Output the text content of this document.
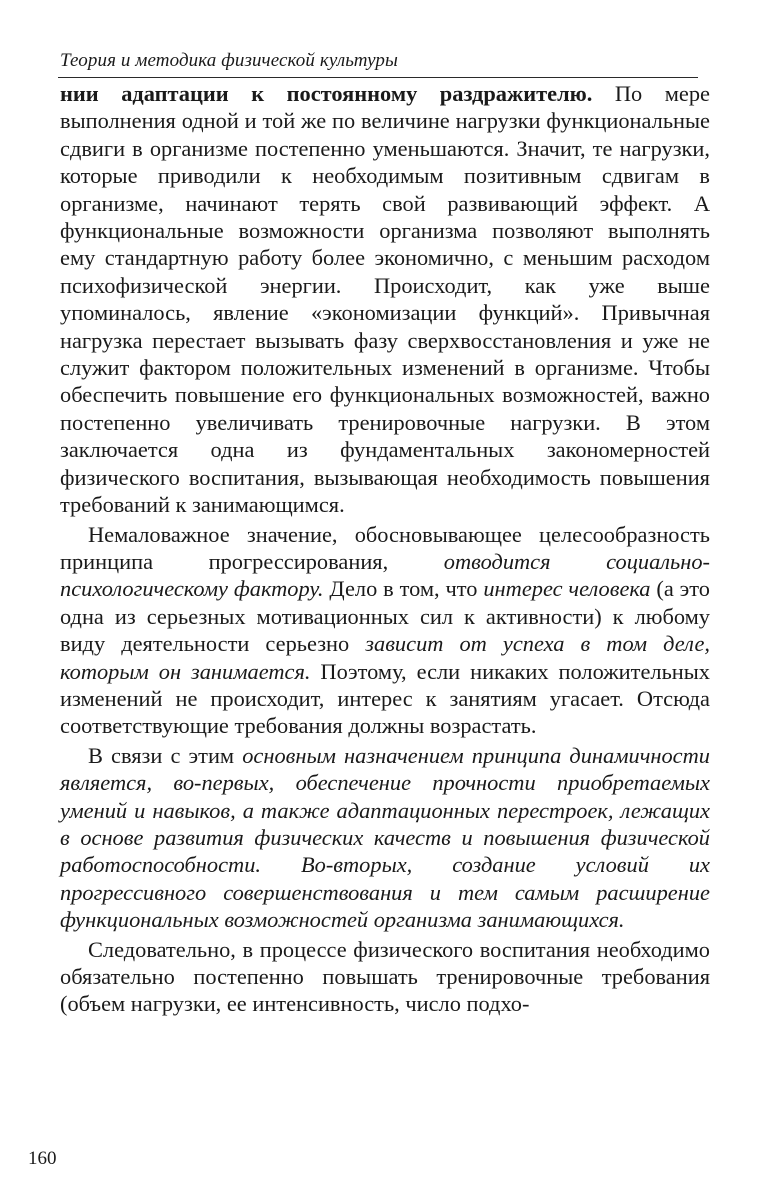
Теория и методика физической культуры

нии адаптации к постоянному раздражителю. По мере выполнения одной и той же по величине нагрузки функциональные сдвиги в организме постепенно уменьшаются. Значит, те нагрузки, которые приводили к необходимым позитивным сдвигам в организме, начинают терять свой развивающий эффект. А функциональные возможности организма позволяют выполнять ему стандартную работу более экономично, с меньшим расходом психофизической энергии. Происходит, как уже выше упоминалось, явление «экономизации функций». Привычная нагрузка перестает вызывать фазу сверхвосстановления и уже не служит фактором положительных изменений в организме. Чтобы обеспечить повышение его функциональных возможностей, важно постепенно увеличивать тренировочные нагрузки. В этом заключается одна из фундаментальных закономерностей физического воспитания, вызывающая необходимость повышения требований к занимающимся.

Немаловажное значение, обосновывающее целесообразность принципа прогрессирования, отводится социально-психологическому фактору. Дело в том, что интерес человека (а это одна из серьезных мотивационных сил к активности) к любому виду деятельности серьезно зависит от успеха в том деле, которым он занимается. Поэтому, если никаких положительных изменений не происходит, интерес к занятиям угасает. Отсюда соответствующие требования должны возрастать.

В связи с этим основным назначением принципа динамичности является, во-первых, обеспечение прочности приобретаемых умений и навыков, а также адаптационных перестроек, лежащих в основе развития физических качеств и повышения физической работоспособности. Во-вторых, создание условий их прогрессивного совершенствования и тем самым расширение функциональных возможностей организма занимающихся.

Следовательно, в процессе физического воспитания необходимо обязательно постепенно повышать тренировочные требования (объем нагрузки, ее интенсивность, число подхо-

160
